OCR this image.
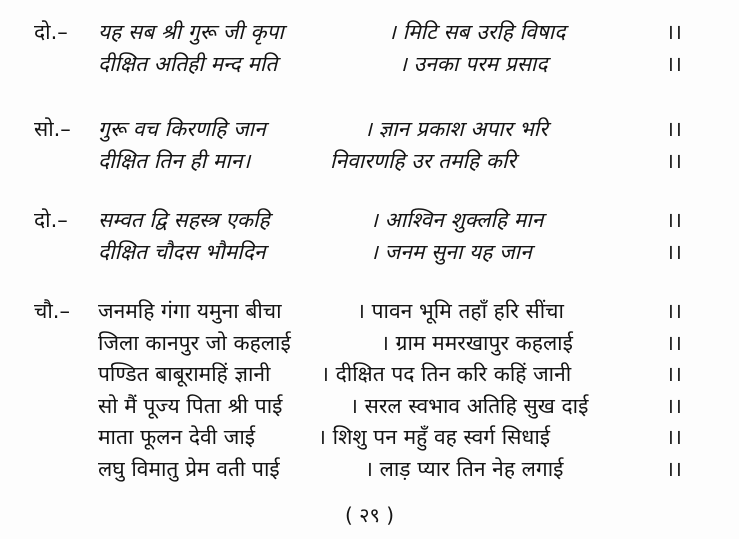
दो.– यह सब श्री गुरू जी कृपा	। मिटि सब उरहि विषाद	।।
दीक्षित अतिही मन्द मति	। उनका परम प्रसाद	।।
सो.– गुरू वच किरणहि जान	। ज्ञान प्रकाश अपार भरि	।।
दीक्षित तिन ही मान।	निवारणहि उर तमहि करि	।।
दो.– सम्वत द्वि सहस्त्र एकहि	। आश्विन शुक्लहि मान	।।
दीक्षित चौदस भौमदिन	। जनम सुना यह जान	।।
चौ.– जनमहि गंगा यमुना बीचा	। पावन भूमि तहाँ हरि सींचा	।।
जिला कानपुर जो कहलाई	। ग्राम ममरखापुर कहलाई	।।
पण्डित बाबूरामहिं ज्ञानी । दीक्षित पद तिन करि कहिं जानी	।।
सो मैं पूज्य पिता श्री पाई	। सरल स्वभाव अतिहि सुख दाई	।।
माता फूलन देवी जाई	। शिशु पन महुँ वह स्वर्ग सिधाई	।।
लघु विमातु प्रेम वती पाई	। लाड़ प्यार तिन नेह लगाई	।।
( २९ )
